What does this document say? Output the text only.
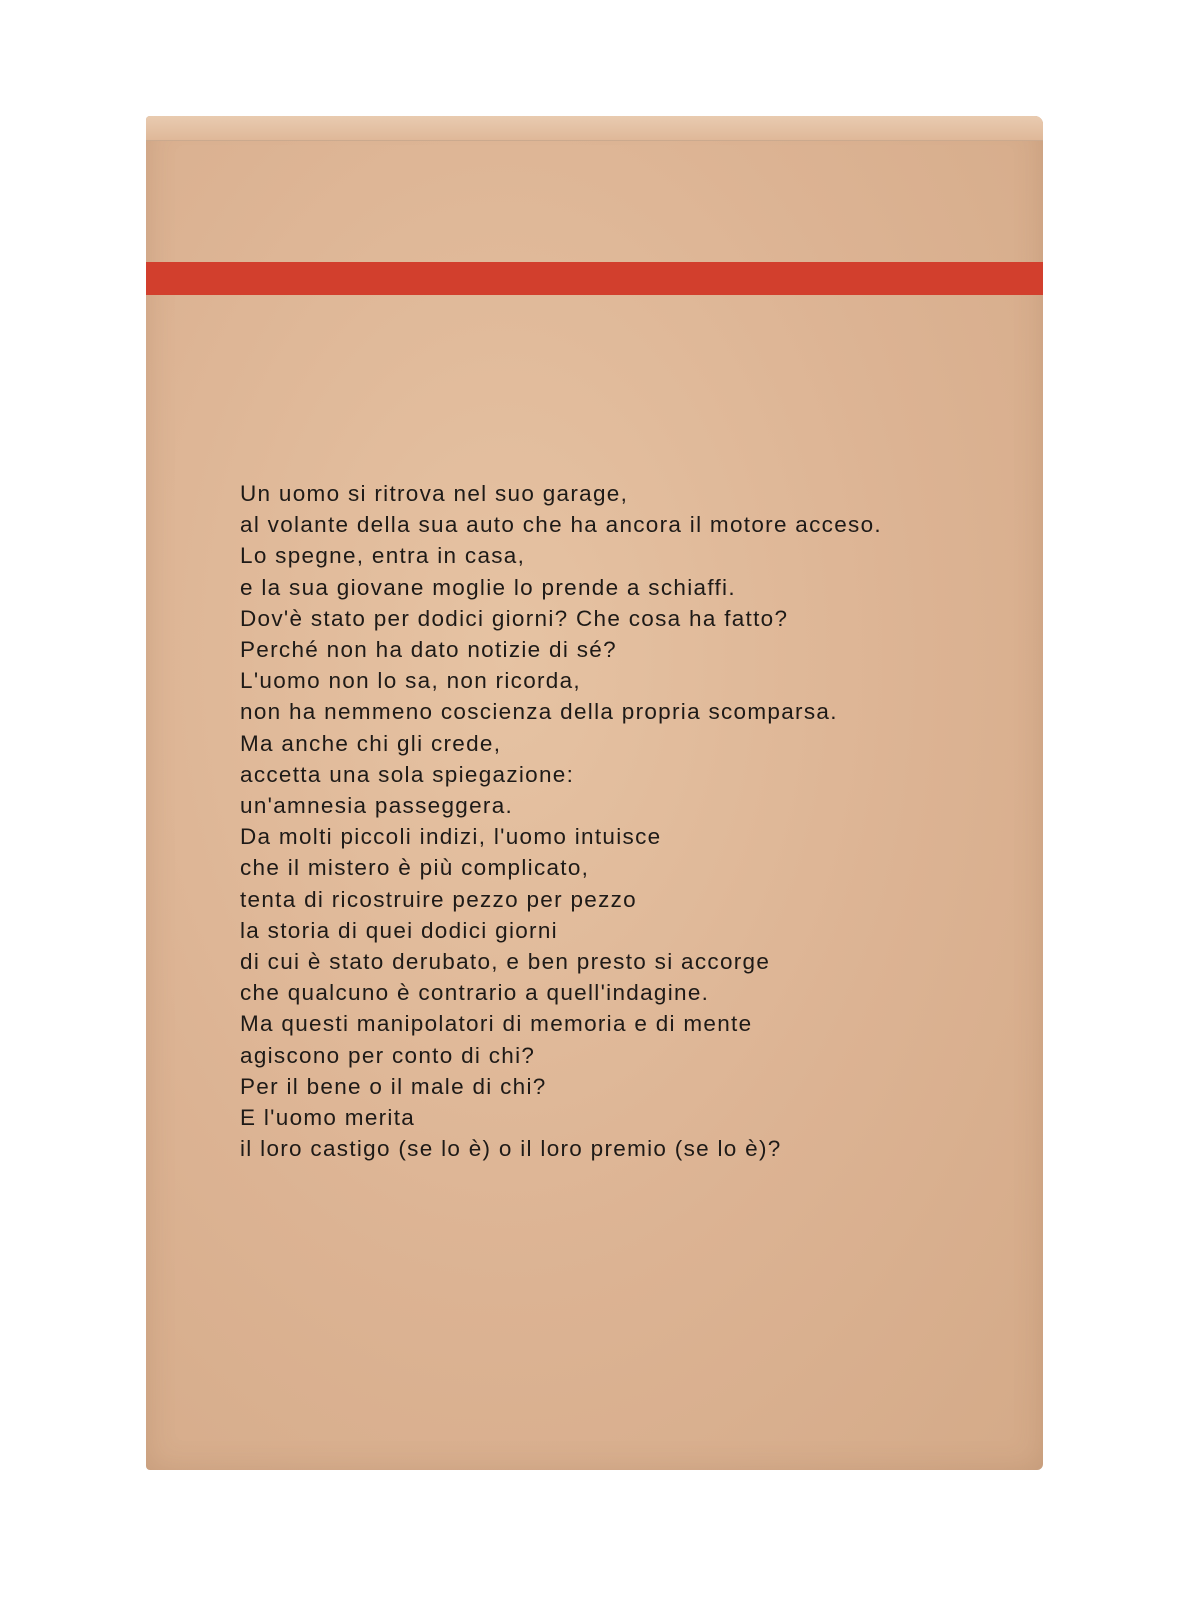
Un uomo si ritrova nel suo garage,
al volante della sua auto che ha ancora il motore acceso.
Lo spegne, entra in casa,
e la sua giovane moglie lo prende a schiaffi.
Dov'è stato per dodici giorni? Che cosa ha fatto?
Perché non ha dato notizie di sé?
L'uomo non lo sa, non ricorda,
non ha nemmeno coscienza della propria scomparsa.
Ma anche chi gli crede,
accetta una sola spiegazione:
un'amnesia passeggera.
Da molti piccoli indizi, l'uomo intuisce
che il mistero è più complicato,
tenta di ricostruire pezzo per pezzo
la storia di quei dodici giorni
di cui è stato derubato, e ben presto si accorge
che qualcuno è contrario a quell'indagine.
Ma questi manipolatori di memoria e di mente
agiscono per conto di chi?
Per il bene o il male di chi?
E l'uomo merita
il loro castigo (se lo è) o il loro premio (se lo è)?
